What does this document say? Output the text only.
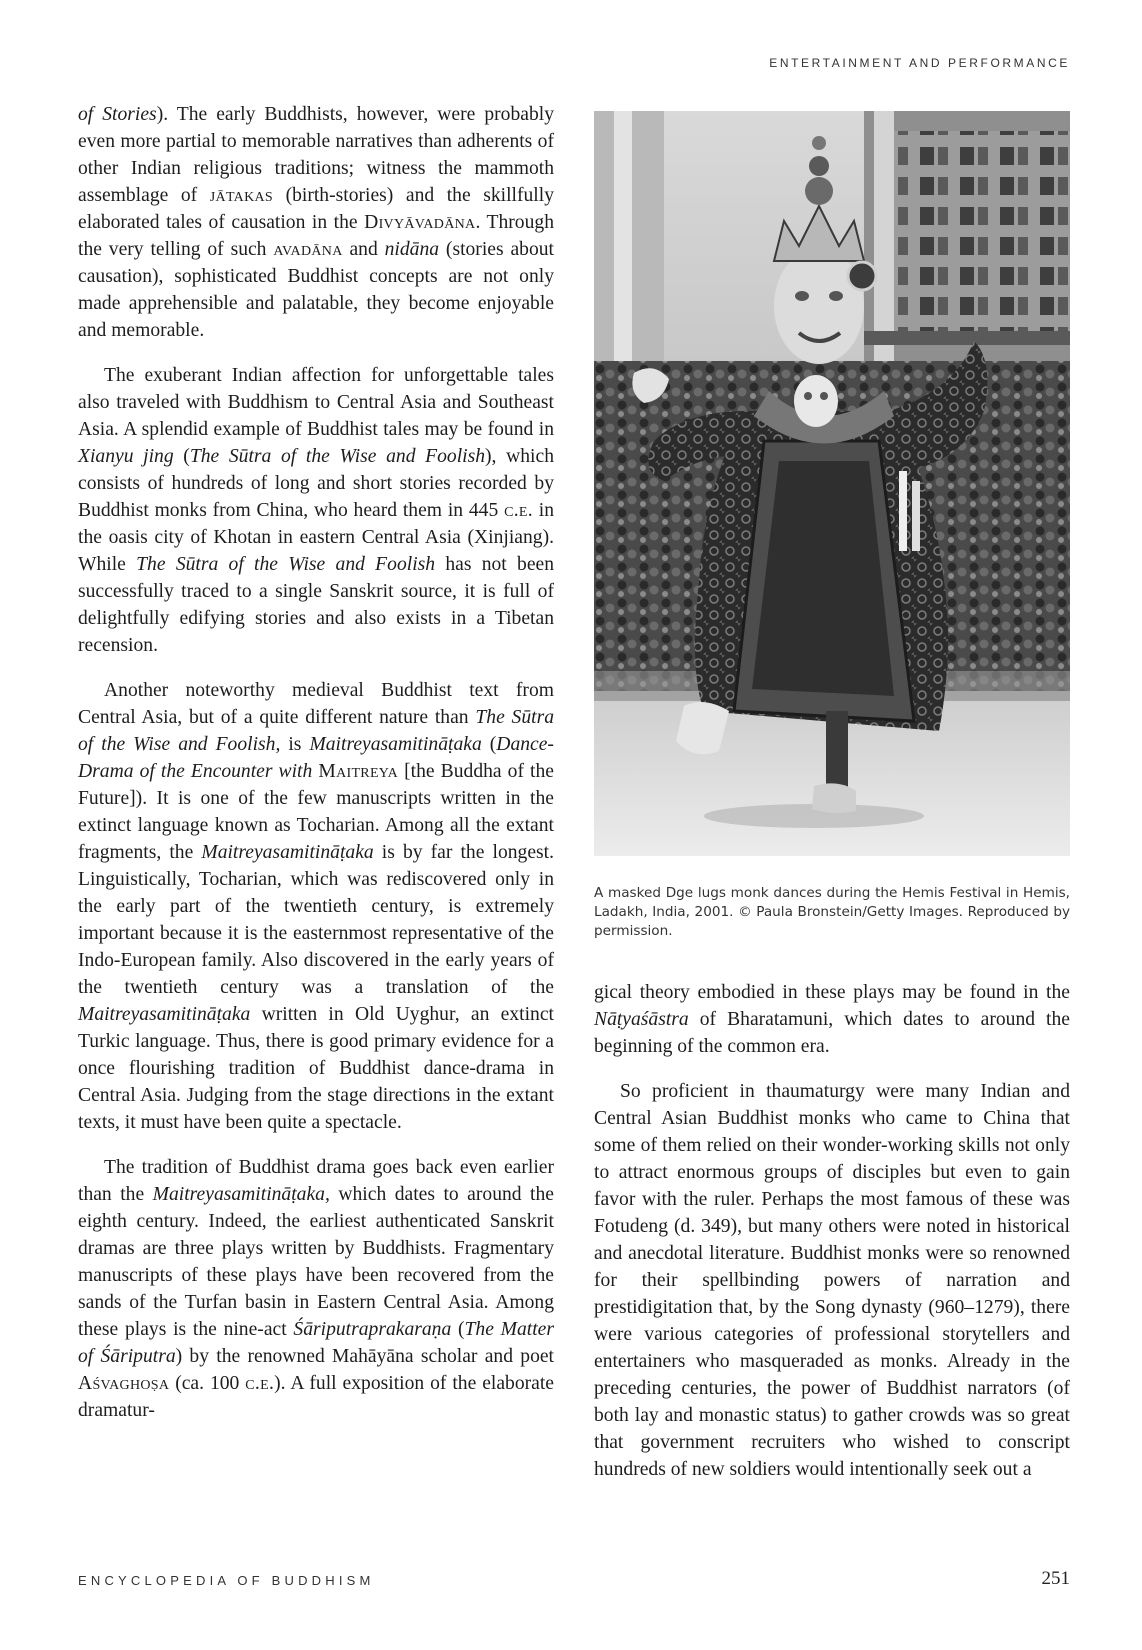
ENTERTAINMENT AND PERFORMANCE

of Stories). The early Buddhists, however, were probably even more partial to memorable narratives than adherents of other Indian religious traditions; witness the mammoth assemblage of jātakas (birth-stories) and the skillfully elaborated tales of causation in the Divyāvadāna. Through the very telling of such avadāna and nidāna (stories about causation), sophisticated Buddhist concepts are not only made apprehensible and palatable, they become enjoyable and memorable.

The exuberant Indian affection for unforgettable tales also traveled with Buddhism to Central Asia and Southeast Asia. A splendid example of Buddhist tales may be found in Xianyu jing (The Sūtra of the Wise and Foolish), which consists of hundreds of long and short stories recorded by Buddhist monks from China, who heard them in 445 c.e. in the oasis city of Khotan in eastern Central Asia (Xinjiang). While The Sūtra of the Wise and Foolish has not been successfully traced to a single Sanskrit source, it is full of delightfully edifying stories and also exists in a Tibetan recension.

Another noteworthy medieval Buddhist text from Central Asia, but of a quite different nature than The Sūtra of the Wise and Foolish, is Maitreyasamitināṭaka (Dance-Drama of the Encounter with Maitreya [the Buddha of the Future]). It is one of the few manuscripts written in the extinct language known as Tocharian. Among all the extant fragments, the Maitreyasamitināṭaka is by far the longest. Linguistically, Tocharian, which was rediscovered only in the early part of the twentieth century, is extremely important because it is the easternmost representative of the Indo-European family. Also discovered in the early years of the twentieth century was a translation of the Maitreyasamitināṭaka written in Old Uyghur, an extinct Turkic language. Thus, there is good primary evidence for a once flourishing tradition of Buddhist dance-drama in Central Asia. Judging from the stage directions in the extant texts, it must have been quite a spectacle.

The tradition of Buddhist drama goes back even earlier than the Maitreyasamitināṭaka, which dates to around the eighth century. Indeed, the earliest authenticated Sanskrit dramas are three plays written by Buddhists. Fragmentary manuscripts of these plays have been recovered from the sands of the Turfan basin in Eastern Central Asia. Among these plays is the nine-act Śāriputraprakaraṇa (The Matter of Śāriputra) by the renowned Mahāyāna scholar and poet Aśvaghoṣa (ca. 100 c.e.). A full exposition of the elaborate dramatur-

A masked Dge lugs monk dances during the Hemis Festival in Hemis, Ladakh, India, 2001. © Paula Bronstein/Getty Images. Reproduced by permission.

gical theory embodied in these plays may be found in the Nāṭyaśāstra of Bharatamuni, which dates to around the beginning of the common era.

So proficient in thaumaturgy were many Indian and Central Asian Buddhist monks who came to China that some of them relied on their wonder-working skills not only to attract enormous groups of disciples but even to gain favor with the ruler. Perhaps the most famous of these was Fotudeng (d. 349), but many others were noted in historical and anecdotal literature. Buddhist monks were so renowned for their spellbinding powers of narration and prestidigitation that, by the Song dynasty (960–1279), there were various categories of professional storytellers and entertainers who masqueraded as monks. Already in the preceding centuries, the power of Buddhist narrators (of both lay and monastic status) to gather crowds was so great that government recruiters who wished to conscript hundreds of new soldiers would intentionally seek out a

ENCYCLOPEDIA OF BUDDHISM	251
